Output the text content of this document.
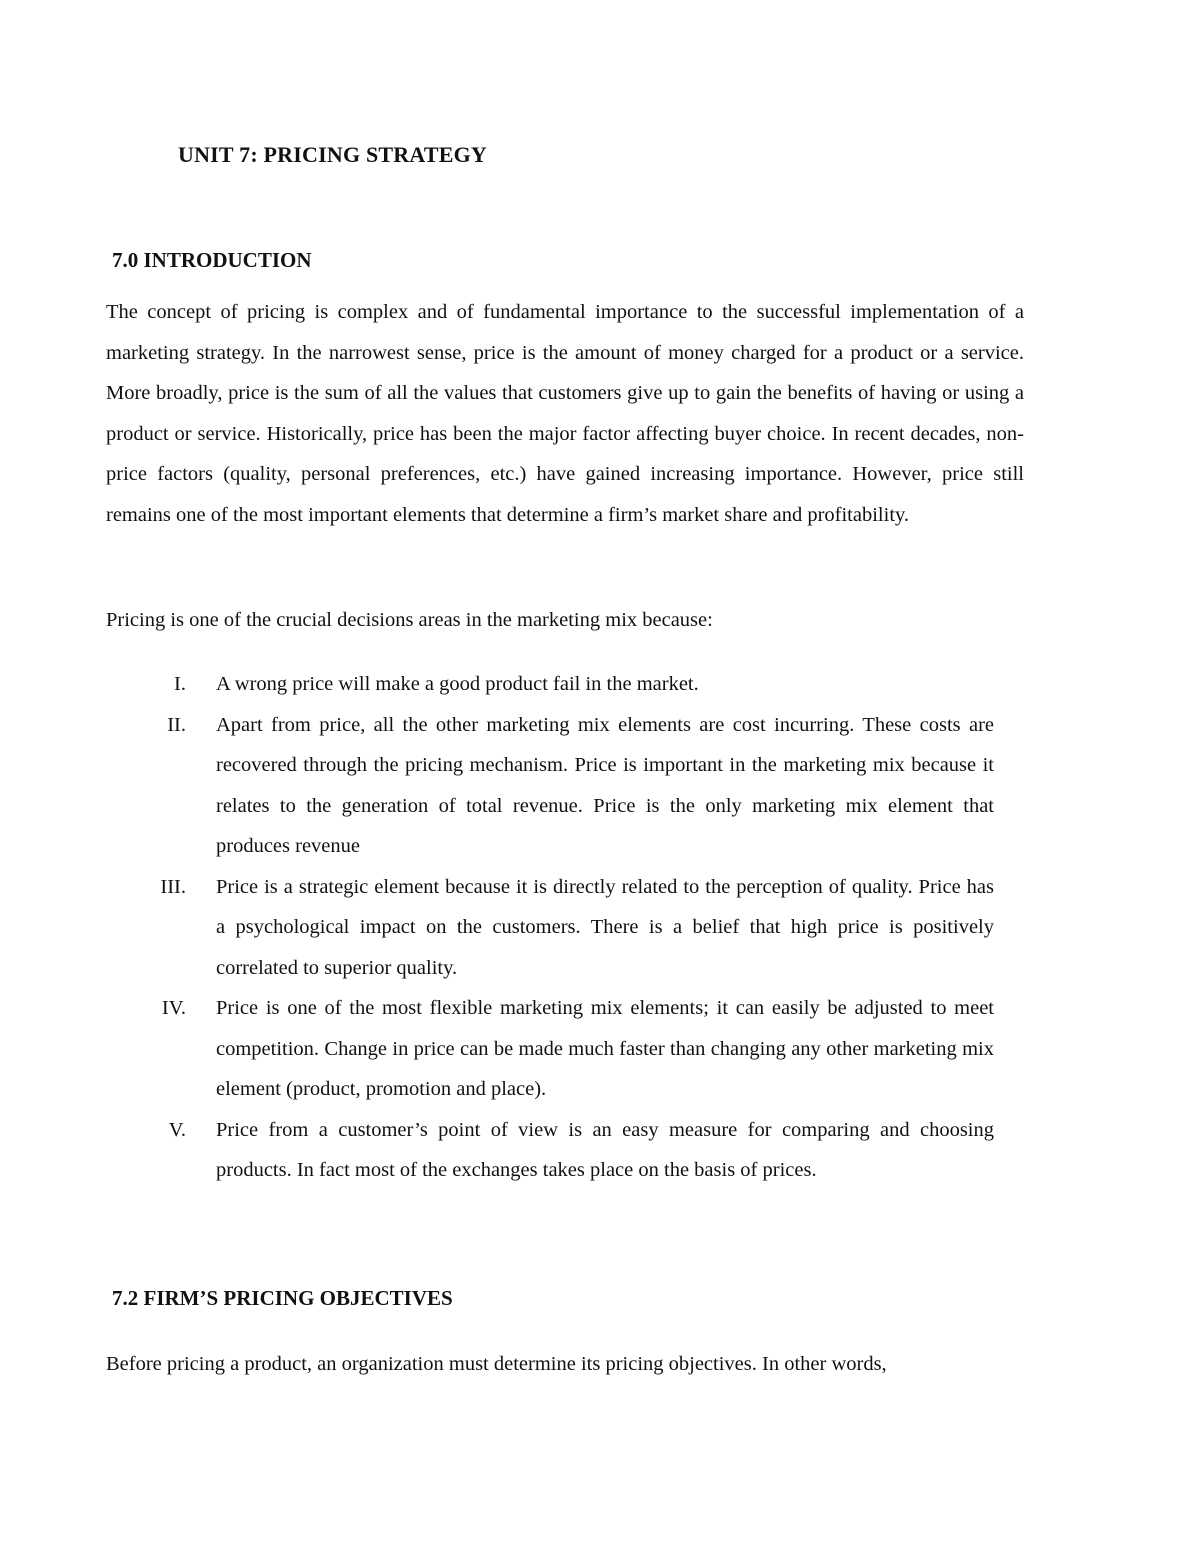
UNIT 7: PRICING STRATEGY
7.0 INTRODUCTION

The concept of pricing is complex and of fundamental importance to the successful implementation of a marketing strategy. In the narrowest sense, price is the amount of money charged for a product or a service. More broadly, price is the sum of all the values that customers give up to gain the benefits of having or using a product or service. Historically, price has been the major factor affecting buyer choice. In recent decades, non-price factors (quality, personal preferences, etc.) have gained increasing importance. However, price still remains one of the most important elements that determine a firm’s market share and profitability.

Pricing is one of the crucial decisions areas in the marketing mix because:

I.	A wrong price will make a good product fail in the market.
II.	Apart from price, all the other marketing mix elements are cost incurring. These costs are recovered through the pricing mechanism. Price is important in the marketing mix because it relates to the generation of total revenue. Price is the only marketing mix element that produces revenue
III.	Price is a strategic element because it is directly related to the perception of quality. Price has a psychological impact on the customers. There is a belief that high price is positively correlated to superior quality.
IV.	Price is one of the most flexible marketing mix elements; it can easily be adjusted to meet competition. Change in price can be made much faster than changing any other marketing mix element (product, promotion and place).
V.	Price from a customer’s point of view is an easy measure for comparing and choosing products. In fact most of the exchanges takes place on the basis of prices.
7.2 FIRM’S PRICING OBJECTIVES

Before pricing a product, an organization must determine its pricing objectives. In other words,
